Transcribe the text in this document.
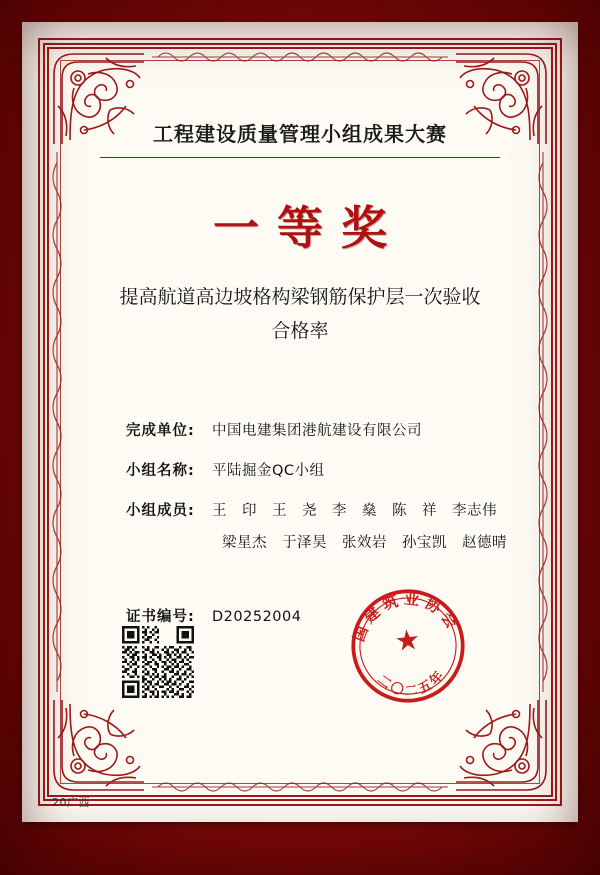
工程建设质量管理小组成果大赛
一等奖
提高航道高边坡格构梁钢筋保护层一次验收
合格率
完成单位:	中国电建集团港航建设有限公司
小组名称:	平陆掘金QC小组
小组成员:	王　印　王　尧　李　燊　陈　祥　李志伟
梁星杰　于泽昊　张效岩　孙宝凯　赵德晴
证书编号:	D20252004
国建筑业协会
二〇二五年
★
20广西
